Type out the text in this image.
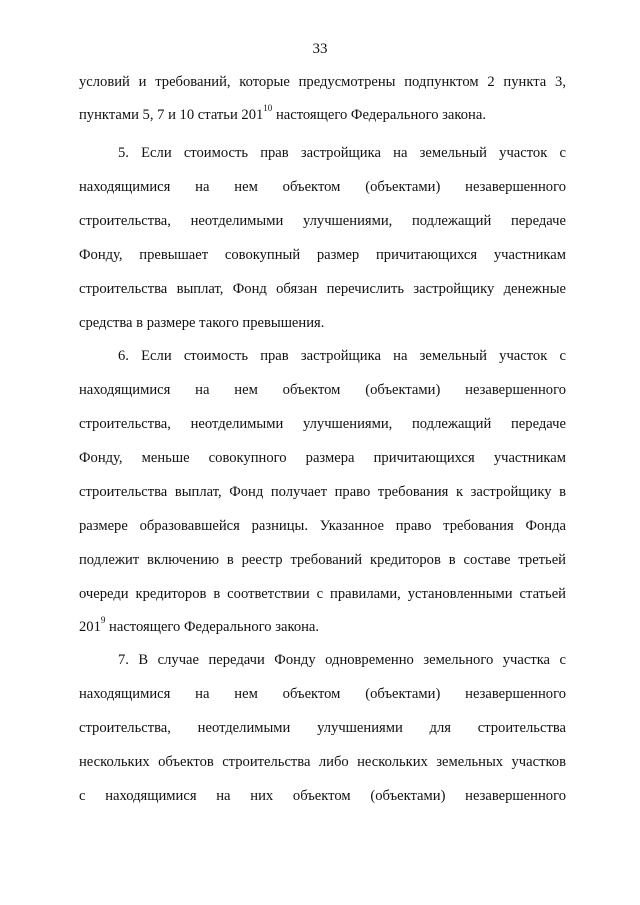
33
условий и требований, которые предусмотрены подпунктом 2 пункта 3,
пунктами 5, 7 и 10 статьи $201^{10}$ настоящего Федерального закона.
5. Если стоимость прав застройщика на земельный участок с
находящимися на нем объектом (объектами) незавершенного
строительства, неотделимыми улучшениями, подлежащий передаче
Фонду, превышает совокупный размер причитающихся участникам
строительства выплат, Фонд обязан перечислить застройщику денежные
средства в размере такого превышения.
6. Если стоимость прав застройщика на земельный участок с
находящимися на нем объектом (объектами) незавершенного
строительства, неотделимыми улучшениями, подлежащий передаче
Фонду, меньше совокупного размера причитающихся участникам
строительства выплат, Фонд получает право требования к застройщику в
размере образовавшейся разницы. Указанное право требования Фонда
подлежит включению в реестр требований кредиторов в составе третьей
очереди кредиторов в соответствии с правилами, установленными статьей
$201^9$ настоящего Федерального закона.
7. В случае передачи Фонду одновременно земельного участка с
находящимися на нем объектом (объектами) незавершенного
строительства, неотделимыми улучшениями для строительства
нескольких объектов строительства либо нескольких земельных участков
с находящимися на них объектом (объектами) незавершенного
